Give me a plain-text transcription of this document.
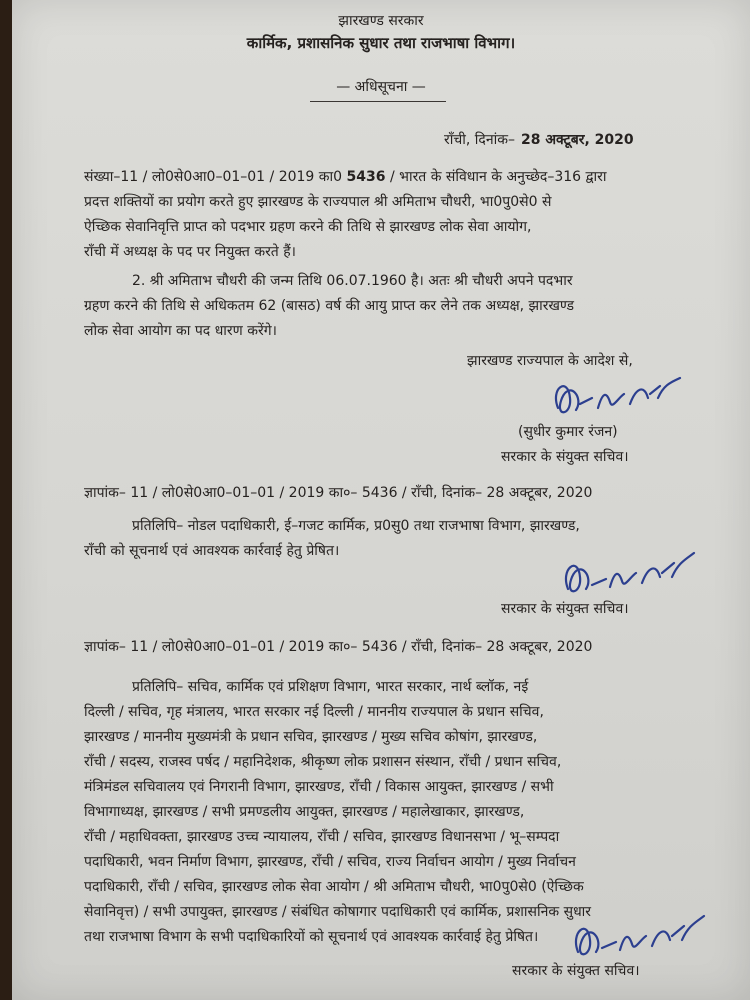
झारखण्ड सरकार
कार्मिक, प्रशासनिक सुधार तथा राजभाषा विभाग।
— अधिसूचना —
राँची, दिनांक– 28 अक्टूबर, 2020
संख्या–11 / लो0से0आ0–01–01 / 2019 का0 5436 / भारत के संविधान के अनुच्छेद–316 द्वारा
प्रदत्त शक्तियों का प्रयोग करते हुए झारखण्ड के राज्यपाल श्री अमिताभ चौधरी, भा0पु0से0 से
ऐच्छिक सेवानिवृत्ति प्राप्त को पदभार ग्रहण करने की तिथि से झारखण्ड लोक सेवा आयोग,
राँची में अध्यक्ष के पद पर नियुक्त करते हैं।
2. श्री अमिताभ चौधरी की जन्म तिथि 06.07.1960 है। अतः श्री चौधरी अपने पदभार
ग्रहण करने की तिथि से अधिकतम 62 (बासठ) वर्ष की आयु प्राप्त कर लेने तक अध्यक्ष, झारखण्ड
लोक सेवा आयोग का पद धारण करेंगे।
झारखण्ड राज्यपाल के आदेश से,
(सुधीर कुमार रंजन)
सरकार के संयुक्त सचिव।
ज्ञापांक– 11 / लो0से0आ0–01–01 / 2019 का०– 5436 / राँची, दिनांक– 28 अक्टूबर, 2020
प्रतिलिपि– नोडल पदाधिकारी, ई–गजट कार्मिक, प्र0सु0 तथा राजभाषा विभाग, झारखण्ड,
राँची को सूचनार्थ एवं आवश्यक कार्रवाई हेतु प्रेषित।
सरकार के संयुक्त सचिव।
ज्ञापांक– 11 / लो0से0आ0–01–01 / 2019 का०– 5436 / राँची, दिनांक– 28 अक्टूबर, 2020
प्रतिलिपि– सचिव, कार्मिक एवं प्रशिक्षण विभाग, भारत सरकार, नार्थ ब्लॉक, नई
दिल्ली / सचिव, गृह मंत्रालय, भारत सरकार नई दिल्ली / माननीय राज्यपाल के प्रधान सचिव,
झारखण्ड / माननीय मुख्यमंत्री के प्रधान सचिव, झारखण्ड / मुख्य सचिव कोषांग, झारखण्ड,
राँची / सदस्य, राजस्व पर्षद / महानिदेशक, श्रीकृष्ण लोक प्रशासन संस्थान, राँची / प्रधान सचिव,
मंत्रिमंडल सचिवालय एवं निगरानी विभाग, झारखण्ड, राँची / विकास आयुक्त, झारखण्ड / सभी
विभागाध्यक्ष, झारखण्ड / सभी प्रमण्डलीय आयुक्त, झारखण्ड / महालेखाकार, झारखण्ड,
राँची / महाधिवक्ता, झारखण्ड उच्च न्यायालय, राँची / सचिव, झारखण्ड विधानसभा / भू–सम्पदा
पदाधिकारी, भवन निर्माण विभाग, झारखण्ड, राँची / सचिव, राज्य निर्वाचन आयोग / मुख्य निर्वाचन
पदाधिकारी, राँची / सचिव, झारखण्ड लोक सेवा आयोग / श्री अमिताभ चौधरी, भा0पु0से0 (ऐच्छिक
सेवानिवृत्त) / सभी उपायुक्त, झारखण्ड / संबंधित कोषागार पदाधिकारी एवं कार्मिक, प्रशासनिक सुधार
तथा राजभाषा विभाग के सभी पदाधिकारियों को सूचनार्थ एवं आवश्यक कार्रवाई हेतु प्रेषित।
सरकार के संयुक्त सचिव।
